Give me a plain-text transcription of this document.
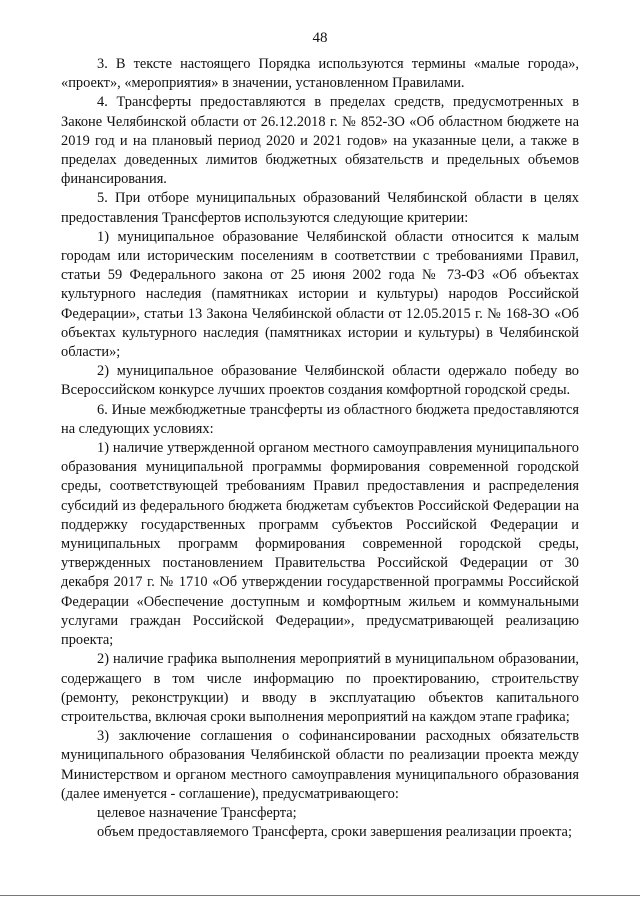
48

3. В тексте настоящего Порядка используются термины «малые города», «проект», «мероприятия» в значении, установленном Правилами.

4. Трансферты предоставляются в пределах средств, предусмотренных в Законе Челябинской области от 26.12.2018 г. № 852-ЗО «Об областном бюджете на 2019 год и на плановый период 2020 и 2021 годов» на указанные цели, а также в пределах доведенных лимитов бюджетных обязательств и предельных объемов финансирования.

5. При отборе муниципальных образований Челябинской области в целях предоставления Трансфертов используются следующие критерии:

1) муниципальное образование Челябинской области относится к малым городам или историческим поселениям в соответствии с требованиями Правил, статьи 59 Федерального закона от 25 июня 2002 года № 73-ФЗ «Об объектах культурного наследия (памятниках истории и культуры) народов Российской Федерации», статьи 13 Закона Челябинской области от 12.05.2015 г. № 168-ЗО «Об объектах культурного наследия (памятниках истории и культуры) в Челябинской области»;

2) муниципальное образование Челябинской области одержало победу во Всероссийском конкурсе лучших проектов создания комфортной городской среды.

6. Иные межбюджетные трансферты из областного бюджета предоставляются на следующих условиях:

1) наличие утвержденной органом местного самоуправления муниципального образования муниципальной программы формирования современной городской среды, соответствующей требованиям Правил предоставления и распределения субсидий из федерального бюджета бюджетам субъектов Российской Федерации на поддержку государственных программ субъектов Российской Федерации и муниципальных программ формирования современной городской среды, утвержденных постановлением Правительства Российской Федерации от 30 декабря 2017 г. № 1710 «Об утверждении государственной программы Российской Федерации «Обеспечение доступным и комфортным жильем и коммунальными услугами граждан Российской Федерации», предусматривающей реализацию проекта;

2) наличие графика выполнения мероприятий в муниципальном образовании, содержащего в том числе информацию по проектированию, строительству (ремонту, реконструкции) и вводу в эксплуатацию объектов капитального строительства, включая сроки выполнения мероприятий на каждом этапе графика;

3) заключение соглашения о софинансировании расходных обязательств муниципального образования Челябинской области по реализации проекта между Министерством и органом местного самоуправления муниципального образования (далее именуется - соглашение), предусматривающего:

целевое назначение Трансферта;

объем предоставляемого Трансферта, сроки завершения реализации проекта;
